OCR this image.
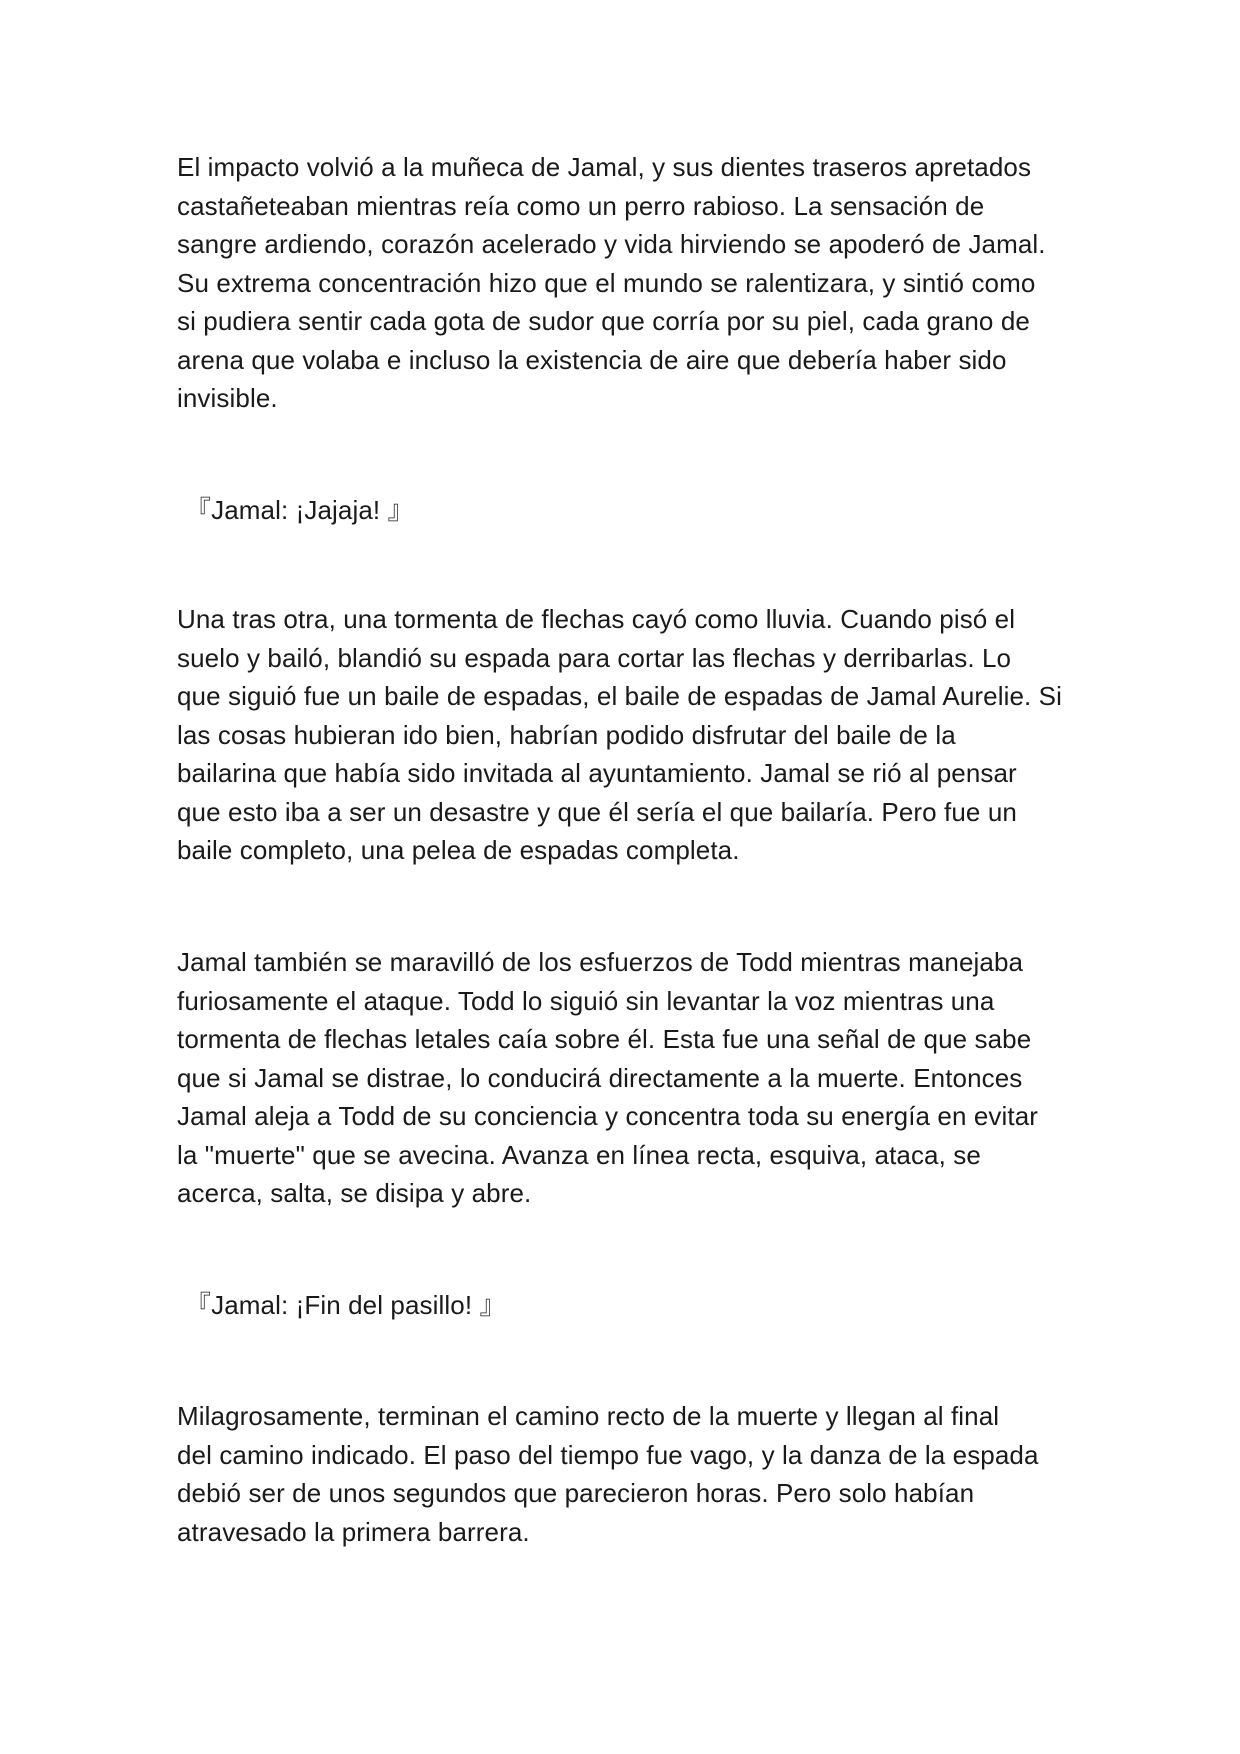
El impacto volvió a la muñeca de Jamal, y sus dientes traseros apretados
castañeteaban mientras reía como un perro rabioso. La sensación de
sangre ardiendo, corazón acelerado y vida hirviendo se apoderó de Jamal.
Su extrema concentración hizo que el mundo se ralentizara, y sintió como
si pudiera sentir cada gota de sudor que corría por su piel, cada grano de
arena que volaba e incluso la existencia de aire que debería haber sido
invisible.

『Jamal: ¡Jajaja! 』

Una tras otra, una tormenta de flechas cayó como lluvia. Cuando pisó el
suelo y bailó, blandió su espada para cortar las flechas y derribarlas. Lo
que siguió fue un baile de espadas, el baile de espadas de Jamal Aurelie. Si
las cosas hubieran ido bien, habrían podido disfrutar del baile de la
bailarina que había sido invitada al ayuntamiento. Jamal se rió al pensar
que esto iba a ser un desastre y que él sería el que bailaría. Pero fue un
baile completo, una pelea de espadas completa.

Jamal también se maravilló de los esfuerzos de Todd mientras manejaba
furiosamente el ataque. Todd lo siguió sin levantar la voz mientras una
tormenta de flechas letales caía sobre él. Esta fue una señal de que sabe
que si Jamal se distrae, lo conducirá directamente a la muerte. Entonces
Jamal aleja a Todd de su conciencia y concentra toda su energía en evitar
la "muerte" que se avecina. Avanza en línea recta, esquiva, ataca, se
acerca, salta, se disipa y abre.

『Jamal: ¡Fin del pasillo! 』

Milagrosamente, terminan el camino recto de la muerte y llegan al final
del camino indicado. El paso del tiempo fue vago, y la danza de la espada
debió ser de unos segundos que parecieron horas. Pero solo habían
atravesado la primera barrera.
